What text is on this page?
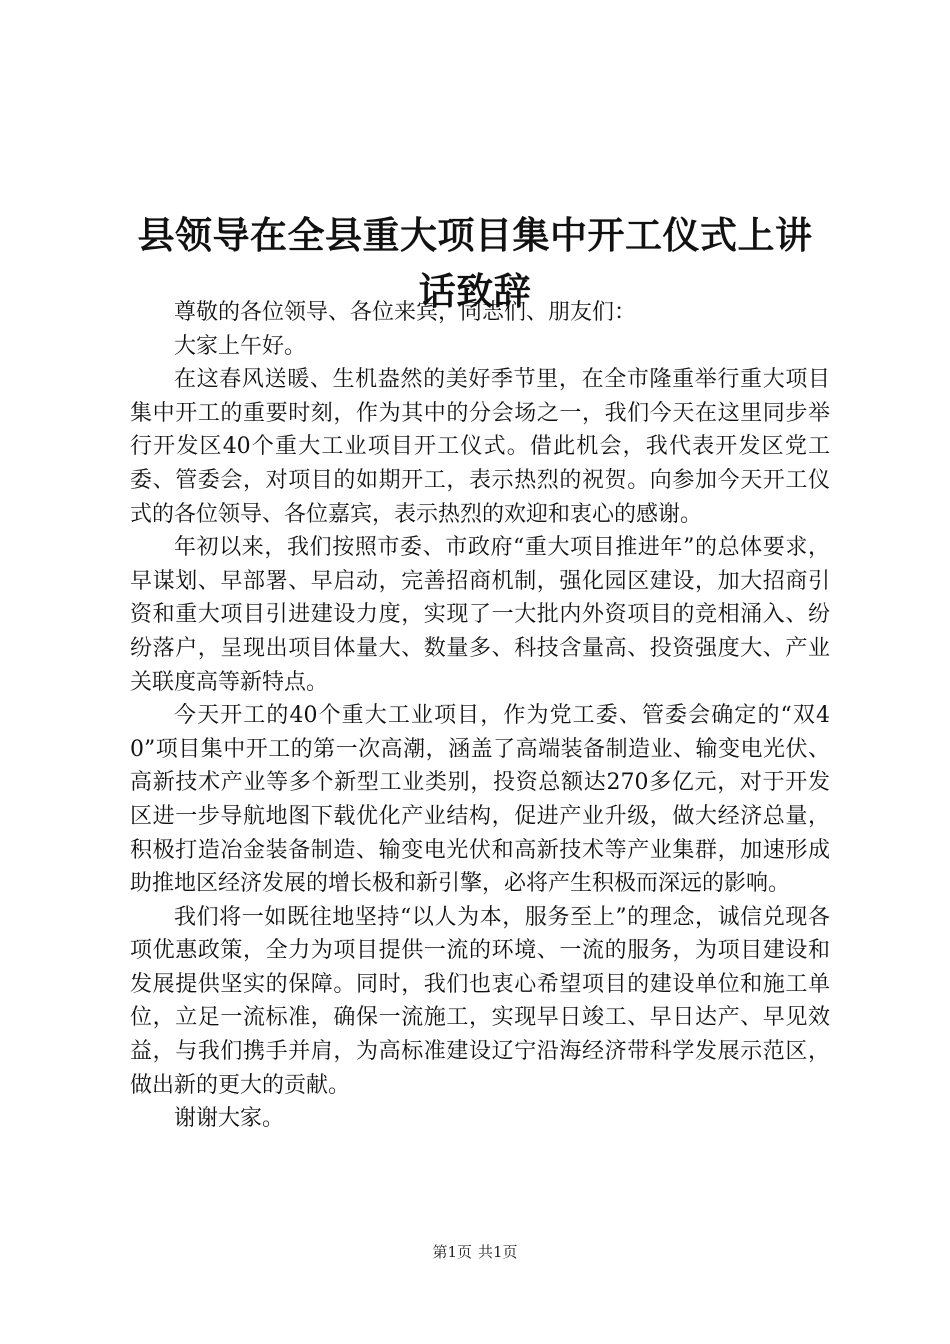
县领导在全县重大项目集中开工仪式上讲话致辞

尊敬的各位领导、各位来宾，同志们、朋友们：

大家上午好。

在这春风送暖、生机盎然的美好季节里，在全市隆重举行重大项目集中开工的重要时刻，作为其中的分会场之一，我们今天在这里同步举行开发区40个重大工业项目开工仪式。借此机会，我代表开发区党工委、管委会，对项目的如期开工，表示热烈的祝贺。向参加今天开工仪式的各位领导、各位嘉宾，表示热烈的欢迎和衷心的感谢。

年初以来，我们按照市委、市政府“重大项目推进年”的总体要求，早谋划、早部署、早启动，完善招商机制，强化园区建设，加大招商引资和重大项目引进建设力度，实现了一大批内外资项目的竞相涌入、纷纷落户，呈现出项目体量大、数量多、科技含量高、投资强度大、产业关联度高等新特点。

今天开工的40个重大工业项目，作为党工委、管委会确定的“双40”项目集中开工的第一次高潮，涵盖了高端装备制造业、输变电光伏、高新技术产业等多个新型工业类别，投资总额达270多亿元，对于开发区进一步导航地图下载优化产业结构，促进产业升级，做大经济总量，积极打造冶金装备制造、输变电光伏和高新技术等产业集群，加速形成助推地区经济发展的增长极和新引擎，必将产生积极而深远的影响。

我们将一如既往地坚持“以人为本，服务至上”的理念，诚信兑现各项优惠政策，全力为项目提供一流的环境、一流的服务，为项目建设和发展提供坚实的保障。同时，我们也衷心希望项目的建设单位和施工单位，立足一流标准，确保一流施工，实现早日竣工、早日达产、早见效益，与我们携手并肩，为高标准建设辽宁沿海经济带科学发展示范区，做出新的更大的贡献。

谢谢大家。

第1页 共1页
